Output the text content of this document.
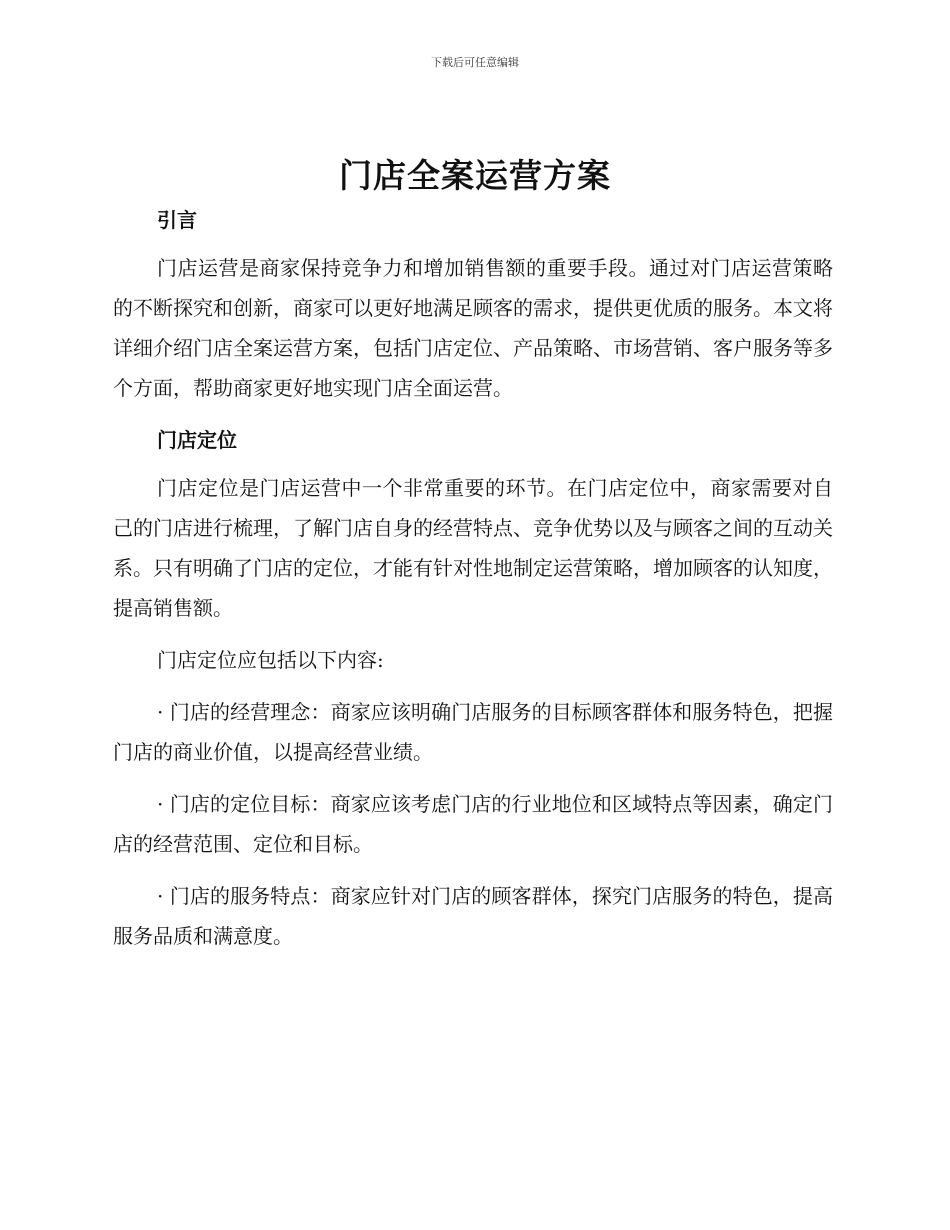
下载后可任意编辑
门店全案运营方案
引言

门店运营是商家保持竞争力和增加销售额的重要手段。通过对门店运营策略的不断探究和创新，商家可以更好地满足顾客的需求，提供更优质的服务。本文将详细介绍门店全案运营方案，包括门店定位、产品策略、市场营销、客户服务等多个方面，帮助商家更好地实现门店全面运营。

门店定位

门店定位是门店运营中一个非常重要的环节。在门店定位中，商家需要对自己的门店进行梳理，了解门店自身的经营特点、竞争优势以及与顾客之间的互动关系。只有明确了门店的定位，才能有针对性地制定运营策略，增加顾客的认知度，提高销售额。

门店定位应包括以下内容:

· 门店的经营理念：商家应该明确门店服务的目标顾客群体和服务特色，把握门店的商业价值，以提高经营业绩。

· 门店的定位目标：商家应该考虑门店的行业地位和区域特点等因素，确定门店的经营范围、定位和目标。

· 门店的服务特点：商家应针对门店的顾客群体，探究门店服务的特色，提高服务品质和满意度。
